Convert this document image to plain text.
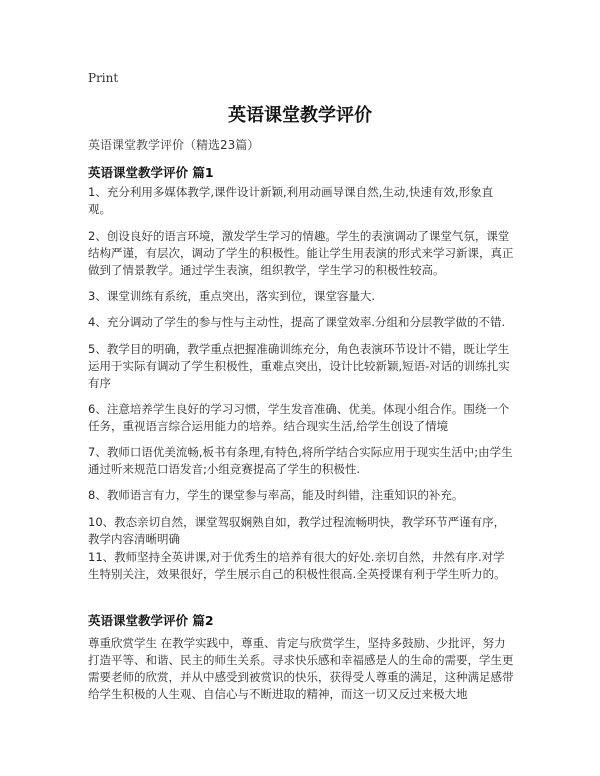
Print
英语课堂教学评价
英语课堂教学评价（精选23篇）
英语课堂教学评价 篇1

1、充分利用多媒体教学,课件设计新颖,利用动画导课自然,生动,快速有效,形象直观。

2、创设良好的语言环境，激发学生学习的情趣。学生的表演调动了课堂气氛，课堂结构严谨，有层次，调动了学生的积极性。能让学生用表演的形式来学习新课，真正做到了情景教学。通过学生表演，组织教学，学生学习的积极性较高。

3、课堂训练有系统，重点突出，落实到位，课堂容量大.

4、充分调动了学生的参与性与主动性，提高了课堂效率.分组和分层教学做的不错.

5、教学目的明确，教学重点把握准确训练充分，角色表演环节设计不错，既让学生运用于实际有调动了学生积极性，重难点突出，设计比较新颖,短语-对话的训练扎实有序

6、注意培养学生良好的学习习惯，学生发音准确、优美。体现小组合作。围绕一个任务，重视语言综合运用能力的培养。结合现实生活,给学生创设了情境

7、教师口语优美流畅,板书有条理,有特色,将所学结合实际应用于现实生活中;由学生通过听来规范口语发音;小组竞赛提高了学生的积极性.

8、教师语言有力，学生的课堂参与率高，能及时纠错，注重知识的补充。

10、教态亲切自然，课堂驾驭娴熟自如，教学过程流畅明快，教学环节严谨有序，教学内容清晰明确

11、教师坚持全英讲课,对于优秀生的培养有很大的好处.亲切自然，井然有序.对学生特别关注，效果很好，学生展示自己的积极性很高.全英授课有利于学生听力的。

英语课堂教学评价 篇2

尊重欣赏学生 在教学实践中，尊重、肯定与欣赏学生，坚持多鼓励、少批评，努力打造平等、和谐、民主的师生关系。寻求快乐感和幸福感是人的生命的需要，学生更需要老师的欣赏，并从中感受到被赏识的快乐，获得受人尊重的满足，这种满足感带给学生积极的人生观、自信心与不断进取的精神，而这一切又反过来极大地
